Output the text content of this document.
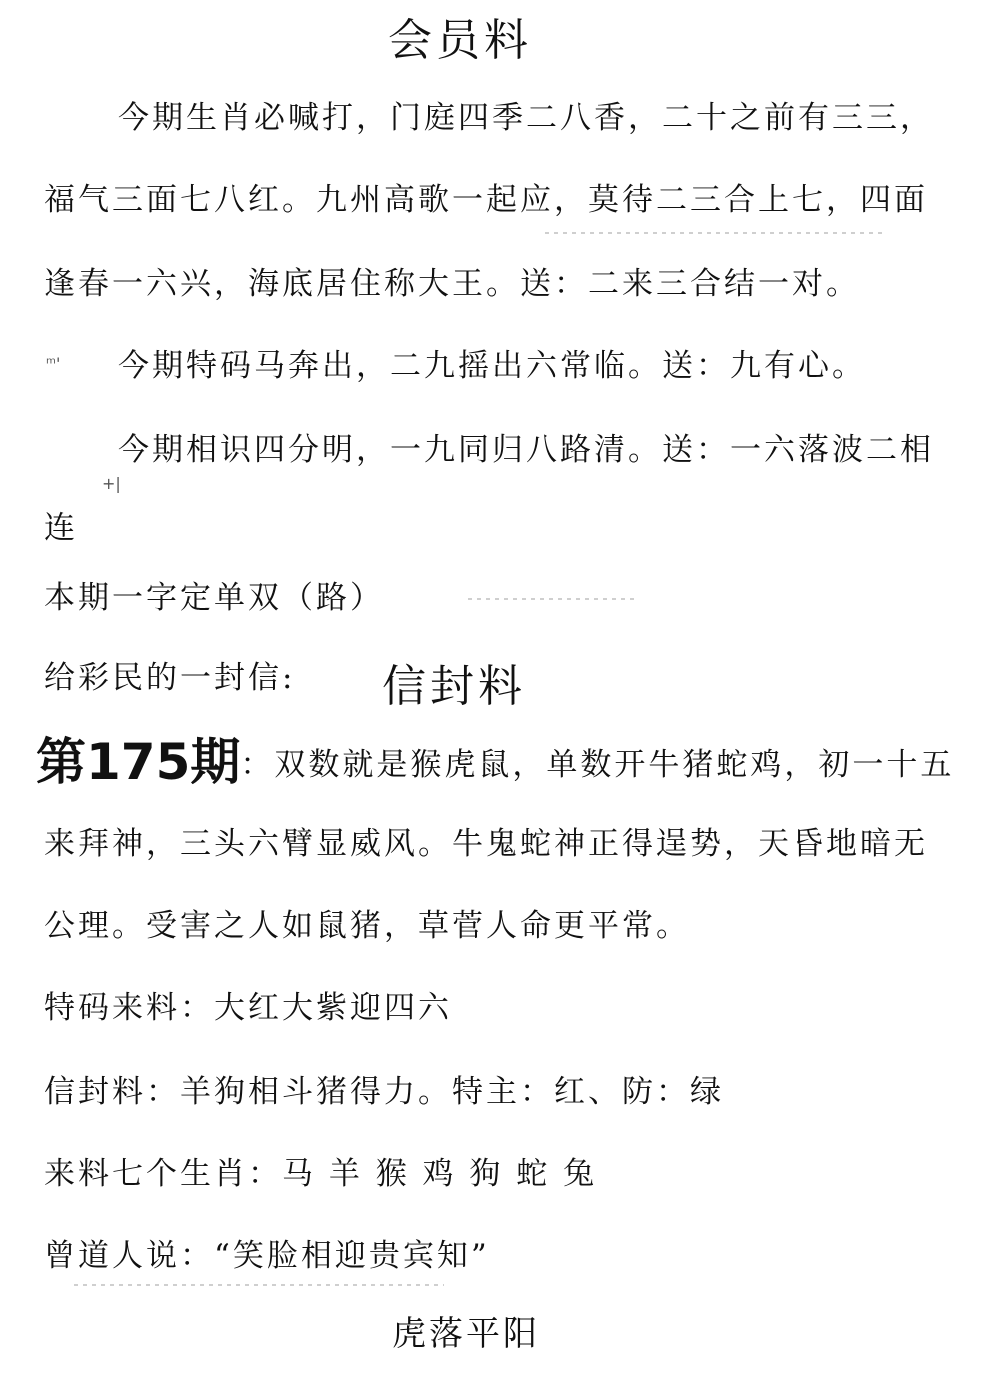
会员料
今期生肖必喊打，门庭四季二八香，二十之前有三三，
福气三面七八红。九州高歌一起应，莫待二三合上七，四面
逢春一六兴，海底居住称大王。送：二来三合结一对。
ᵐ' 今期特码马奔出，二九摇出六常临。送：九有心。
今期相识四分明，一九同归八路清。送：一六落波二相
+|
连
本期一字定单双（路）
给彩民的一封信: 信封料
第175期：双数就是猴虎鼠，单数开牛猪蛇鸡，初一十五
来拜神，三头六臂显威风。牛鬼蛇神正得逞势，天昏地暗无
公理。受害之人如鼠猪，草菅人命更平常。
特码来料：大红大紫迎四六
信封料：羊狗相斗猪得力。特主：红、防：绿
来料七个生肖：马 羊 猴 鸡 狗 蛇 兔
曾道人说：“笑脸相迎贵宾知”
虎落平阳
